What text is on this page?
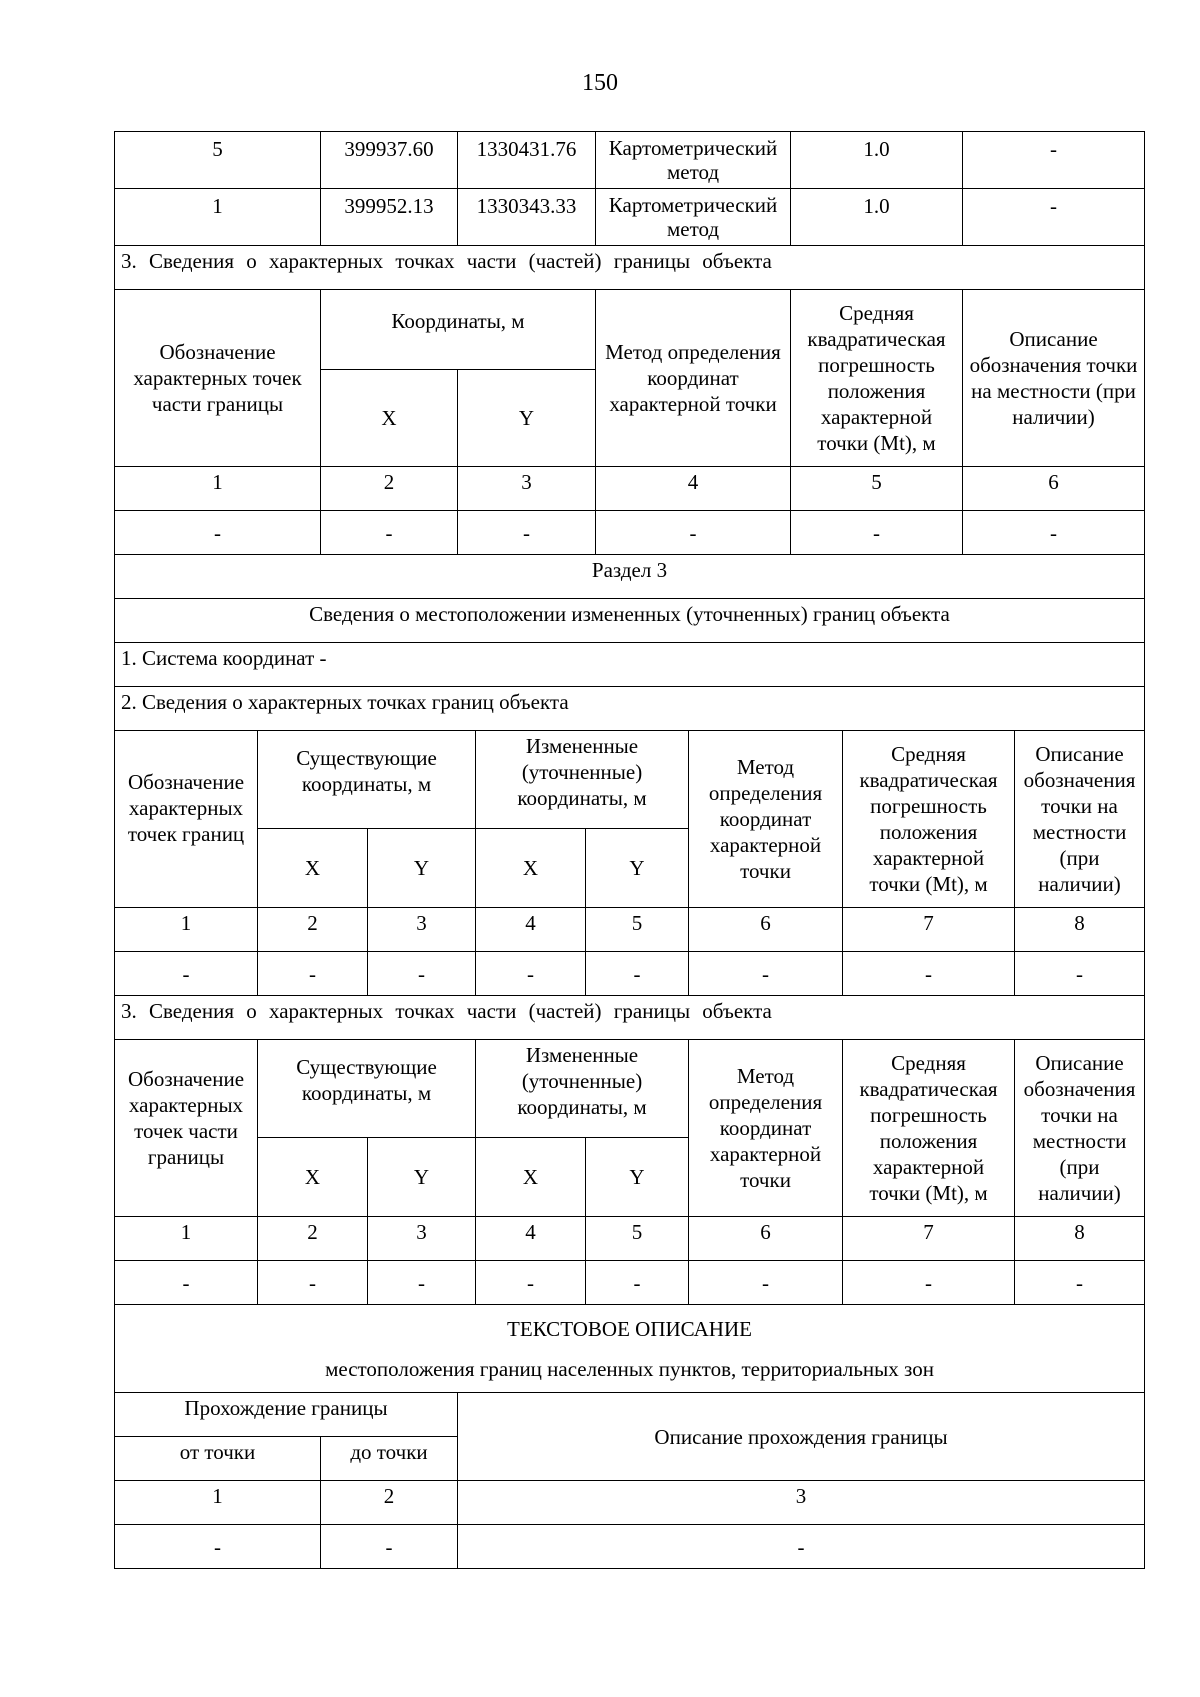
150
5	399937.60	1330431.76	Картометрический метод	1.0	-
1	399952.13	1330343.33	Картометрический метод	1.0	-
3. Сведения о характерных точках части (частей) границы объекта					
Обозначение характерных точек части границы	Координаты, м		Метод определения координат характерной точки	Средняя квадратическая погрешность положения характерной точки (Mt), м	Описание обозначения точки на местности (при наличии)
	X	Y			
1	2	3	4	5	6
-	-	-	-	-	-
Раздел 3					
Сведения о местоположении измененных (уточненных) границ объекта					
1. Система координат -					
2. Сведения о характерных точках границ объекта					
Обозначение характерных точек границ	Существующие координаты, м		Измененные (уточненные) координаты, м		Метод определения координат характерной точки	Средняя квадратическая погрешность положения характерной точки (Mt), м	Описание обозначения точки на местности (при наличии)
	X	Y	X	Y			
1	2	3	4	5	6	7	8
-	-	-	-	-	-	-	-
3. Сведения о характерных точках части (частей) границы объекта							
Обозначение характерных точек части границы	Существующие координаты, м		Измененные (уточненные) координаты, м		Метод определения координат характерной точки	Средняя квадратическая погрешность положения характерной точки (Mt), м	Описание обозначения точки на местности (при наличии)
	X	Y	X	Y			
1	2	3	4	5	6	7	8
-	-	-	-	-	-	-	-
ТЕКСТОВОЕ ОПИСАНИЕ
местоположения границ населенных пунктов, территориальных зон		

Прохождение границы		Описание прохождения границы
от точки	до точки	
1	2	3
-	-	-
